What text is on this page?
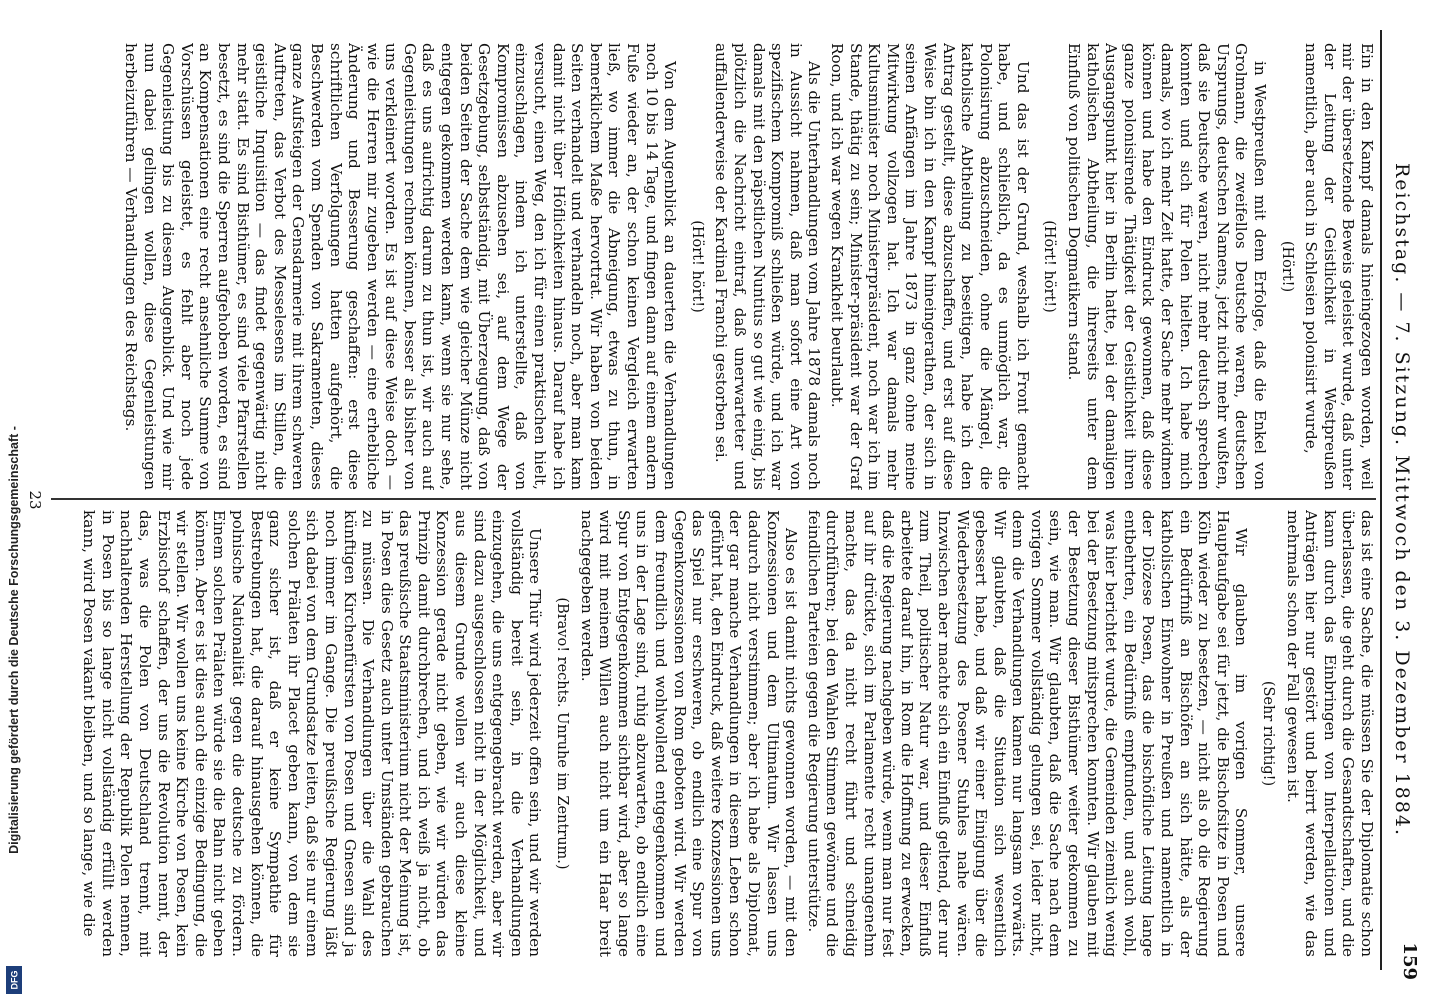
Reichstag. — 7. Sitzung. Mittwoch den 3. Dezember 1884.
159

Ein in den Kampf damals hineingezogen worden, weil mir der übersetzende Beweis geleistet wurde, daß unter der Leitung der Geistlichkeit in Westpreußen namentlich, aber auch in Schlesien polonisirt wurde,

(Hört!)

in Westpreußen mit dem Erfolge, daß die Enkel von Grolmann, die zweifellos Deutsche waren, deutschen Ursprungs, deutschen Namens, jetzt nicht mehr wußten, daß sie Deutsche waren, nicht mehr deutsch sprechen konnten und sich für Polen hielten. Ich habe mich damals, wo ich mehr Zeit hatte, der Sache mehr widmen können und habe den Eindruck gewonnen, daß diese ganze polonisirende Thätigkeit der Geistlichkeit ihren Ausgangspunkt hier in Berlin hatte, bei der damaligen katholischen Abtheilung, die ihrerseits unter dem Einfluß von politischen Dogmatikern stand.

(Hört! hört!)

Und das ist der Grund, weshalb ich Front gemacht habe, und schließlich, da es unmöglich war, die Polonisirung abzuschneiden, ohne die Mängel, die katholische Abtheilung zu beseitigen, habe ich den Antrag gestellt, diese abzuschaffen, und erst auf diese Weise bin ich in den Kampf hineingerathen, der sich in seinen Anfängen im Jahre 1873 in ganz ohne meine Mitwirkung vollzogen hat. Ich war damals mehr Kultusminister noch Ministerpräsident, noch war ich im Stande, thätig zu sein; Minister-präsident war der Graf Roon, und ich war wegen Krankheit beurlaubt.

Als die Unterhandlungen vom Jahre 1878 damals noch in Aussicht nahmen, daß man sofort eine Art von spezifischem Kompromiß schließen würde, und ich war damals mit den päpstlichen Nuntius so gut wie einig, bis plötzlich die Nachricht eintraf, daß unerwarteter und auffallenderweise der Kardinal Franchi gestorben sei.

(Hört! hört!)

Von dem Augenblick an dauerten die Verhandlungen noch 10 bis 14 Tage, und fingen dann auf einem andern Fuße wieder an, der schon keinen Vergleich erwarten ließ, wo immer die Abneigung, etwas zu thun, in bemerklichem Maße hervortrat. Wir haben von beiden Seiten verhandelt und verhandeln noch, aber man kam damit nicht über Höflichkeiten hinaus. Darauf habe ich versucht, einen Weg, den ich für einen praktischen hielt, einzuschlagen, indem ich unterstellte, daß von Kompromissen abzusehen sei, auf dem Wege der Gesetzgebung, selbstständig, mit Überzeugung, daß von beiden Seiten der Sache dem wie gleicher Münze nicht entgegen gekommen werden kann, wenn sie nur sehe, daß es uns aufrichtig darum zu thun ist, wir auch auf Gegenleistungen rechnen können, besser als bisher von uns verkleinert worden. Es ist auf diese Weise doch — wie die Herren mir zugeben werden — eine erhebliche Änderung und Besserung geschaffen: erst diese schriftlichen Verfolgungen hatten aufgehört, die Beschwerden vom Spenden von Sakramenten, dieses ganze Aufsteigen der Gensdarmerie mit ihrem schweren Auftreten, das Verbot des Messelesens im Stillen, die geistliche Inquisition — das findet gegenwärtig nicht mehr statt. Es sind Bisthümer, es sind viele Pfarrstellen besetzt, es sind die Sperren aufgehoben worden, es sind an Kompensationen eine recht ansehnliche Summe von Vorschüssen geleistet, es fehlt aber noch jede Gegenleistung bis zu diesem Augenblick. Und wie mir nun dabei gelingen wollen, diese Gegenleistungen herbeizuführen — Verhandlungen des Reichstags.

das ist eine Sache, die müssen Sie der Diplomatie schon überlassen, die geht durch die Gesandtschaften, und die kann durch das Einbringen von Interpellationen und Anträgen hier nur gestört und beirrt werden, wie das mehrmals schon der Fall gewesen ist.

(Sehr richtig!)

Wir glauben im vorigen Sommer, unsere Hauptaufgabe sei für jetzt, die Bischofsitze in Posen und Köln wieder zu besetzen, — nicht als ob die Regierung ein Bedürfniß an Bischöfen an sich hätte, als der katholischen Einwohner in Preußen und namentlich in der Diözese Posen, das die bischöfliche Leitung lange entbehrten, ein Bedürfniß empfunden, und auch wohl, was hier berichtet wurde, die Gemeinden ziemlich wenig bei der Besetzung mitsprechen konnten. Wir glauben mit der Besetzung dieser Bisthümer weiter gekommen zu sein, wie man. Wir glaubten, daß die Sache nach dem vorigen Sommer vollständig gelungen sei, leider nicht, denn die Verhandlungen kamen nur langsam vorwärts. Wir glaubten, daß die Situation sich wesentlich gebessert habe, und daß wir einer Einigung über die Wiederbesetzung des Posener Stuhles nahe wären. Inzwischen aber machte sich ein Einfluß geltend, der nur zum Theil, politischer Natur war, und dieser Einfluß arbeitete darauf hin, in Rom die Hoffnung zu erwecken, daß die Regierung nachgeben würde, wenn man nur fest auf ihr drückte, sich im Parlamente recht unangenehm machte, das da nicht recht führt und schneidig durchführen; bei den Wahlen Stimmen gewönne und die feindlichen Parteien gegen die Regierung unterstütze.

Also es ist damit nichts gewonnen worden, — mit den Konzessionen und dem Ultimatum. Wir lassen uns dadurch nicht verstimmen; aber ich habe als Diplomat, der gar manche Verhandlungen in diesem Leben schon geführt hat, den Eindruck, daß weitere Konzessionen uns das Spiel nur erschweren, ob endlich eine Spur von Gegenkonzessionen von Rom geboten wird. Wir werden dem freundlich und wohlwollend entgegenkommen und uns in der Lage sind, ruhig abzuwarten, ob endlich eine Spur von Entgegenkommen sichtbar wird, aber so lange wird mit meinem Willen auch nicht um ein Haar breit nachgegeben werden.

(Bravo! rechts. Unruhe im Zentrum.)

Unsere Thür wird jederzeit offen sein, und wir werden vollständig bereit sein, in die Verhandlungen einzugehen, die uns entgegengebracht werden, aber wir sind dazu ausgeschlossen nicht in der Möglichkeit, und aus diesem Grunde wollen wir auch diese kleine Konzession gerade nicht geben, wie wir würden das Prinzip damit durchbrechen, und ich weiß ja nicht, ob das preußische Staatsministerium nicht der Meinung ist, in Posen dies Gesetz auch unter Umständen gebrauchen zu müssen. Die Verhandlungen über die Wahl des künftigen Kirchenfürsten von Posen und Gnesen sind ja noch immer im Gange. Die preußische Regierung läßt sich dabei von dem Grundsatze leiten, daß sie nur einem solchen Prälaten ihr Placet geben kann, von dem sie ganz sicher ist, daß er keine Sympathie für Bestrebungen hat, die darauf hinausgehen können, die polnische Nationalität gegen die deutsche zu fördern. Einem solchen Prälaten würde sie die Bahn nicht geben können. Aber es ist dies auch die einzige Bedingung, die wir stellen. Wir wollen uns keine Kirche von Posen, kein Erzbischof schaffen, der uns die Revolution nennt, der das, was die Polen von Deutschland trennt, mit nachhaltenden Herstellung der Republik Polen nennen, in Posen bis so lange nicht vollständig erfüllt werden kann, wird Posen vakant bleiben, und so lange, wie die

23
Digitalisierung gefördert durch die Deutsche Forschungsgemeinschaft -
DFG
